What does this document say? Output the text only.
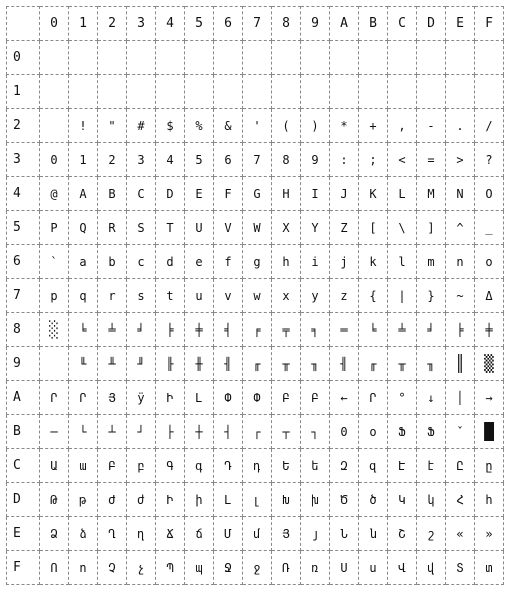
	0	1	2	3	4	5	6	7	8	9	A	B	C	D	E	F
0																
1																
2		!	"	#	$	%	&	'	(	)	*	+	,	-	.	/
3	0	1	2	3	4	5	6	7	8	9	:	;	<	=	>	?
4	@	A	B	C	D	E	F	G	H	I	J	K	L	M	N	O
5	P	Q	R	S	T	U	V	W	X	Y	Z	[	\	]	^	_
6	`	a	b	c	d	e	f	g	h	i	j	k	l	m	n	o
7	p	q	r	s	t	u	v	w	x	y	z	{	|	}	~	Δ
8	░	╘	╧	╛	╞	╪	╡	╒	╤	╕	═	╘	╧	╛	╞	╪
9		╙	╨	╜	╟	╫	╢	╓	╥	╖	╢	╓	╥	╖	║	▒
A	Ր	Ր	Յ	ÿ	Ի	Լ	Փ	Փ	Բ	Բ	←	Ր	°	↓	│	→
B	─	└	┴	┘	├	┼	┤	┌	┬	┐	0	o	Ֆ	Ֆ	ˇ	█
C	Ա	ա	Բ	բ	Գ	գ	Դ	դ	Ե	ե	Զ	զ	Է	է	Ը	ը
D	Թ	թ	Ժ	ժ	Ի	ի	Լ	լ	Խ	խ	Ծ	ծ	Կ	կ	Հ	հ
E	Ձ	ձ	Ղ	ղ	Ճ	ճ	Մ	մ	Յ	յ	Ն	ն	Շ	շ	«	»
F	Ո	ո	Չ	չ	Պ	պ	Ջ	ջ	Ռ	ռ	Ս	ս	Վ	վ	Տ	տ
